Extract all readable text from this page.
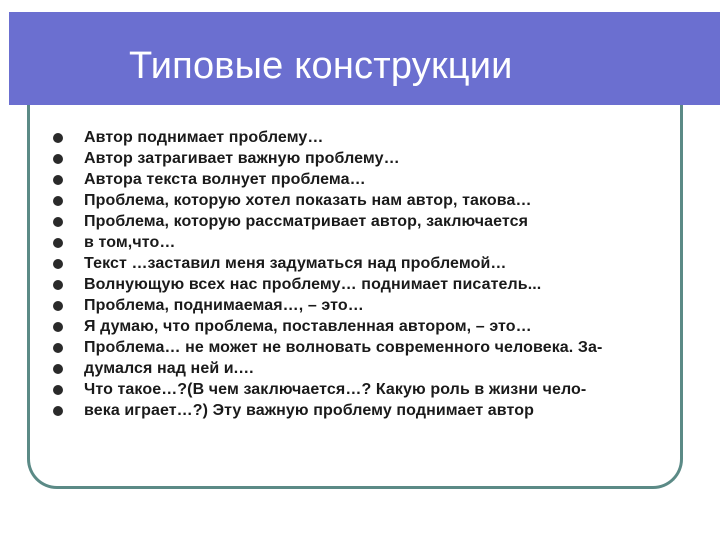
Типовые конструкции
Автор поднимает проблему…
Автор затрагивает важную проблему…
Автора текста волнует проблема…
Проблема, которую хотел показать нам автор, такова…
Проблема, которую рассматривает автор, заключается
в том,что…
Текст …заставил меня задуматься над проблемой…
Волнующую всех нас проблему… поднимает писатель...
Проблема, поднимаемая…, – это…
Я думаю, что проблема, поставленная автором, – это…
Проблема… не может не волновать современного человека. За-
думался над ней и.…
Что такое…?(В чем заключается…? Какую роль в жизни чело-
века играет…?) Эту важную проблему поднимает автор
